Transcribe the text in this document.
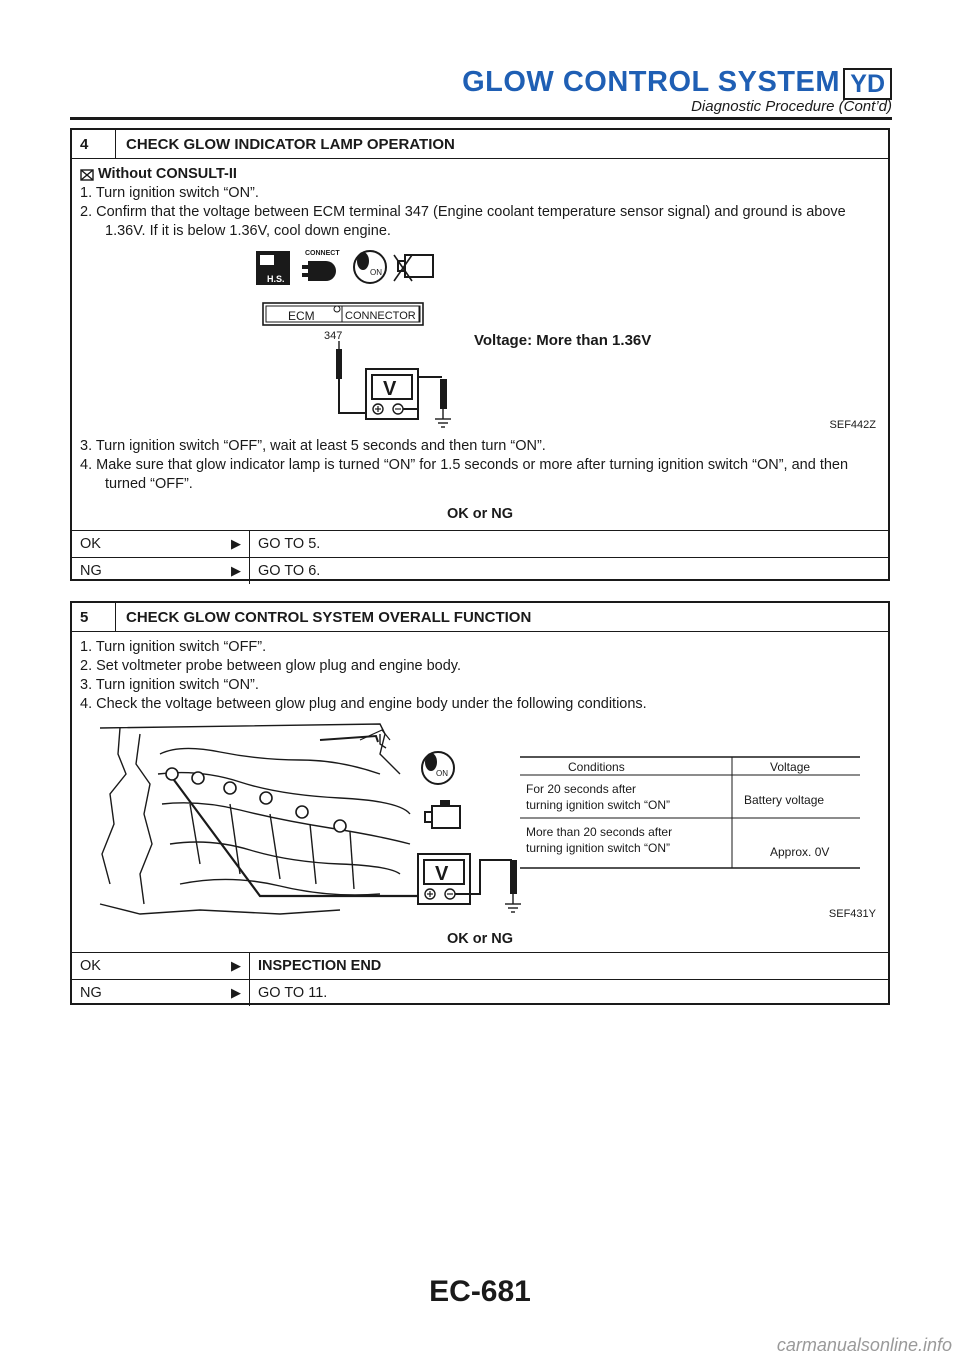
GLOW CONTROL SYSTEM YD
Diagnostic Procedure (Cont’d)
4	CHECK GLOW INDICATOR LAMP OPERATION
Without CONSULT-II
1. Turn ignition switch “ON”.
2. Confirm that the voltage between ECM terminal 347 (Engine coolant temperature sensor signal) and ground is above
1.36V. If it is below 1.36V, cool down engine.
H.S.
CONNECT
ON
ECM	CONNECTOR
347	Voltage: More than 1.36V
V
SEF442Z
3. Turn ignition switch “OFF”, wait at least 5 seconds and then turn “ON”.
4. Make sure that glow indicator lamp is turned “ON” for 1.5 seconds or more after turning ignition switch “ON”, and then
turned “OFF”.
OK or NG
OK	▶	GO TO 5.
NG	▶	GO TO 6.
5	CHECK GLOW CONTROL SYSTEM OVERALL FUNCTION
1. Turn ignition switch “OFF”.
2. Set voltmeter probe between glow plug and engine body.
3. Turn ignition switch “ON”.
4. Check the voltage between glow plug and engine body under the following conditions.
ON
V
Conditions	Voltage
For 20 seconds after
turning ignition switch “ON”	Battery voltage
More than 20 seconds after
turning ignition switch “ON”	Approx. 0V
SEF431Y
OK or NG
OK	▶	INSPECTION END
NG	▶	GO TO 11.
EC-681
carmanualsonline.info
